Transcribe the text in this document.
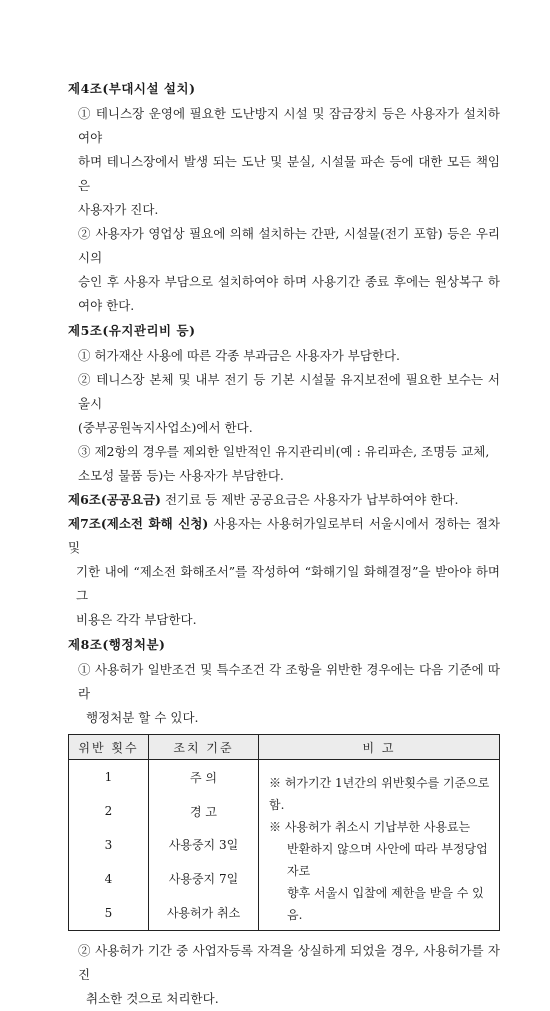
제4조(부대시설 설치)
① 테니스장 운영에 필요한 도난방지 시설 및 잠금장치 등은 사용자가 설치하여야
하며 테니스장에서 발생 되는 도난 및 분실, 시설물 파손 등에 대한 모든 책임은
사용자가 진다.
② 사용자가 영업상 필요에 의해 설치하는 간판, 시설물(전기 포함) 등은 우리시의
승인 후 사용자 부담으로 설치하여야 하며 사용기간 종료 후에는 원상복구 하여야 한다.
제5조(유지관리비 등)
① 허가재산 사용에 따른 각종 부과금은 사용자가 부담한다.
② 테니스장 본체 및 내부 전기 등 기본 시설물 유지보전에 필요한 보수는 서울시
(중부공원녹지사업소)에서 한다.
③ 제2항의 경우를 제외한 일반적인 유지관리비(예 : 유리파손, 조명등 교체,
소모성 물품 등)는 사용자가 부담한다.
제6조(공공요금) 전기료 등 제반 공공요금은 사용자가 납부하여야 한다.
제7조(제소전 화해 신청) 사용자는 사용허가일로부터 서울시에서 정하는 절차 및
기한 내에 “제소전 화해조서”를 작성하여 “화해기일 화해결정”을 받아야 하며 그
비용은 각각 부담한다.
제8조(행정처분)
① 사용허가 일반조건 및 특수조건 각 조항을 위반한 경우에는 다음 기준에 따라
행정처분 할 수 있다.
위반 횟수	조치 기준	비 고
1	주 의	※ 허가기간 1년간의 위반횟수를 기준으로 함.
※ 사용허가 취소시 기납부한 사용료는
반환하지 않으며 사안에 따라 부정당업자로
향후 서울시 입찰에 제한을 받을 수 있음.

2	경 고	
3	사용중지 3일	
4	사용중지 7일	
5	사용허가 취소	
② 사용허가 기간 중 사업자등록 자격을 상실하게 되었을 경우, 사용허가를 자진
취소한 것으로 처리한다.
